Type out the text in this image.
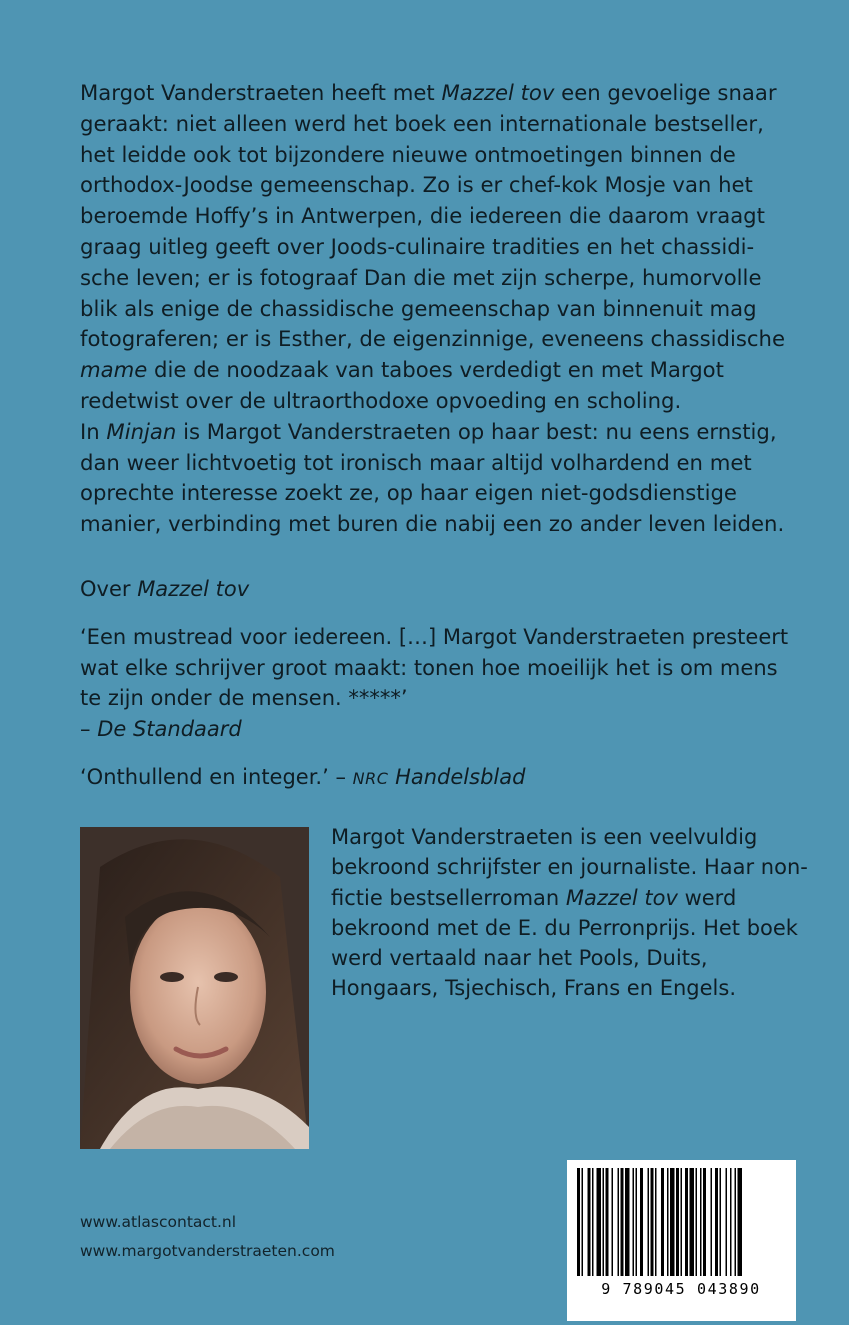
Margot Vanderstraeten heeft met Mazzel tov een gevoelige snaar geraakt: niet alleen werd het boek een internationale bestseller, het leidde ook tot bijzondere nieuwe ontmoetingen binnen de orthodox-Joodse gemeenschap. Zo is er chef-kok Mosje van het beroemde Hoffy’s in Antwerpen, die iedereen die daarom vraagt graag uitleg geeft over Joods-culinaire tradities en het chassidi-sche leven; er is fotograaf Dan die met zijn scherpe, humorvolle blik als enige de chassidische gemeenschap van binnenuit mag fotograferen; er is Esther, de eigenzinnige, eveneens chassidische mame die de noodzaak van taboes verdedigt en met Margot redetwist over de ultraorthodoxe opvoeding en scholing.

In Minjan is Margot Vanderstraeten op haar best: nu eens ernstig, dan weer lichtvoetig tot ironisch maar altijd volhardend en met oprechte interesse zoekt ze, op haar eigen niet-godsdienstige manier, verbinding met buren die nabij een zo ander leven leiden.

Over Mazzel tov

‘Een mustread voor iedereen. […] Margot Vanderstraeten presteert wat elke schrijver groot maakt: tonen hoe moeilijk het is om mens te zijn onder de mensen. *****’
– De Standaard

‘Onthullend en integer.’ – NRC Handelsblad

Margot Vanderstraeten is een veelvuldig bekroond schrijfster en journaliste. Haar non-fictie bestsellerroman Mazzel tov werd bekroond met de E. du Perronprijs. Het boek werd vertaald naar het Pools, Duits, Hongaars, Tsjechisch, Frans en Engels.

www.atlascontact.nl
www.margotvanderstraeten.com
9 789045 043890
